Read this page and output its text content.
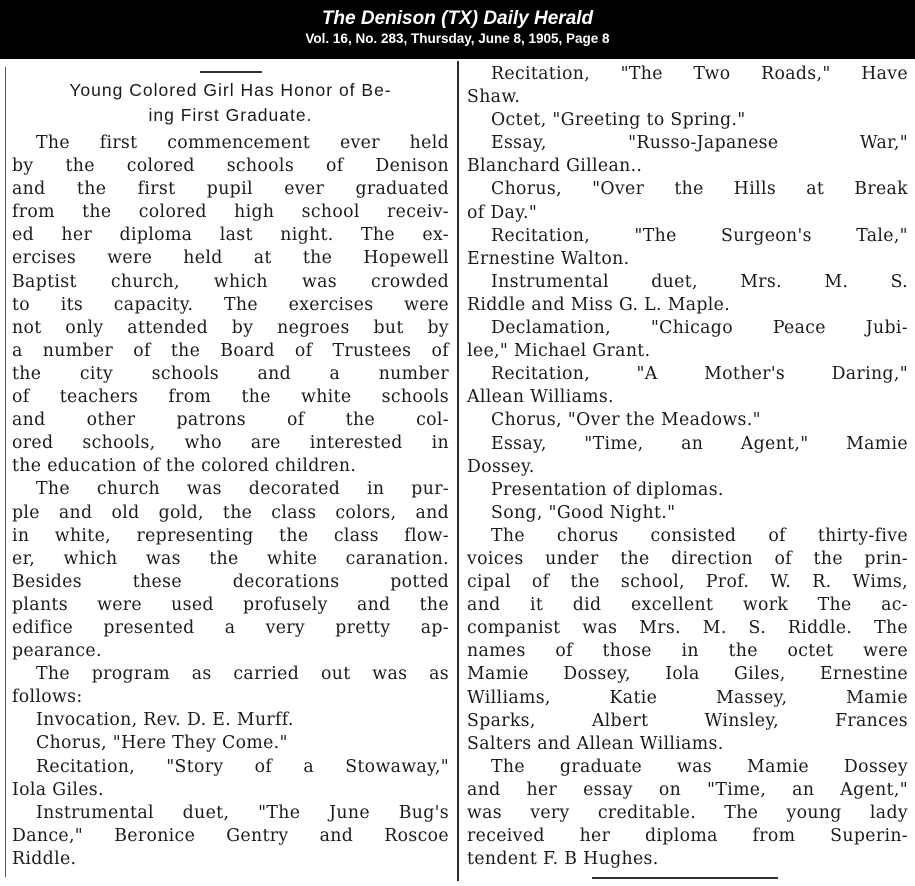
The Denison (TX) Daily Herald
Vol. 16, No. 283, Thursday, June 8, 1905, Page 8
Young Colored Girl Has Honor of Be-
ing First Graduate.
The first commencement ever held
by the colored schools of Denison
and the first pupil ever graduated
from the colored high school receiv-
ed her diploma last night. The ex-
ercises were held at the Hopewell
Baptist church, which was crowded
to its capacity. The exercises were
not only attended by negroes but by
a number of the Board of Trustees of
the city schools and a number
of teachers from the white schools
and other patrons of the col-
ored schools, who are interested in
the education of the colored children.
The church was decorated in pur-
ple and old gold, the class colors, and
in white, representing the class flow-
er, which was the white caranation.
Besides these decorations potted
plants were used profusely and the
edifice presented a very pretty ap-
pearance.
The program as carried out was as
follows:
Invocation, Rev. D. E. Murff.
Chorus, "Here They Come."
Recitation, "Story of a Stowaway,"
Iola Giles.
Instrumental duet, "The June Bug's
Dance," Beronice Gentry and Roscoe
Riddle.
Recitation, "The Two Roads," Have
Shaw.
Octet, "Greeting to Spring."
Essay, "Russo-Japanese War,"
Blanchard Gillean..
Chorus, "Over the Hills at Break
of Day."
Recitation, "The Surgeon's Tale,"
Ernestine Walton.
Instrumental duet, Mrs. M. S.
Riddle and Miss G. L. Maple.
Declamation, "Chicago Peace Jubi-
lee," Michael Grant.
Recitation, "A Mother's Daring,"
Allean Williams.
Chorus, "Over the Meadows."
Essay, "Time, an Agent," Mamie
Dossey.
Presentation of diplomas.
Song, "Good Night."
The chorus consisted of thirty-five
voices under the direction of the prin-
cipal of the school, Prof. W. R. Wims,
and it did excellent work The ac-
companist was Mrs. M. S. Riddle. The
names of those in the octet were
Mamie Dossey, Iola Giles, Ernestine
Williams, Katie Massey, Mamie
Sparks, Albert Winsley, Frances
Salters and Allean Williams.
The graduate was Mamie Dossey
and her essay on "Time, an Agent,"
was very creditable. The young lady
received her diploma from Superin-
tendent F. B Hughes.
